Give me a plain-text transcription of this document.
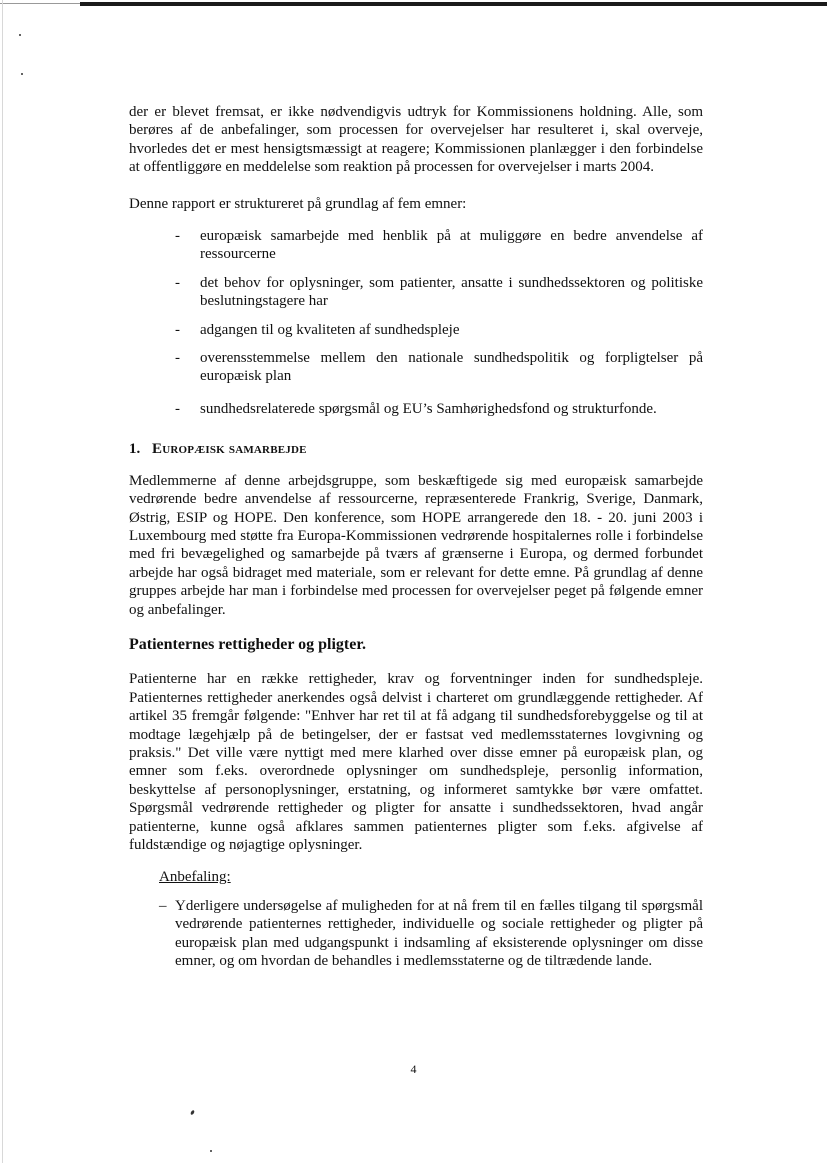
der er blevet fremsat, er ikke nødvendigvis udtryk for Kommissionens holdning. Alle, som berøres af de anbefalinger, som processen for overvejelser har resulteret i, skal overveje, hvorledes det er mest hensigtsmæssigt at reagere; Kommissionen planlægger i den forbindelse at offentliggøre en meddelelse som reaktion på processen for overvejelser i marts 2004.

Denne rapport er struktureret på grundlag af fem emner:

- europæisk samarbejde med henblik på at muliggøre en bedre anvendelse af ressourcerne
- det behov for oplysninger, som patienter, ansatte i sundhedssektoren og politiske beslutningstagere har
- adgangen til og kvaliteten af sundhedspleje
- overensstemmelse mellem den nationale sundhedspolitik og forpligtelser på europæisk plan
- sundhedsrelaterede spørgsmål og EU’s Samhørighedsfond og strukturfonde.
1. Europæisk samarbejde

Medlemmerne af denne arbejdsgruppe, som beskæftigede sig med europæisk samarbejde vedrørende bedre anvendelse af ressourcerne, repræsenterede Frankrig, Sverige, Danmark, Østrig, ESIP og HOPE. Den konference, som HOPE arrangerede den 18. - 20. juni 2003 i Luxembourg med støtte fra Europa-Kommissionen vedrørende hospitalernes rolle i forbindelse med fri bevægelighed og samarbejde på tværs af grænserne i Europa, og dermed forbundet arbejde har også bidraget med materiale, som er relevant for dette emne. På grundlag af denne gruppes arbejde har man i forbindelse med processen for overvejelser peget på følgende emner og anbefalinger.

Patienternes rettigheder og pligter.

Patienterne har en række rettigheder, krav og forventninger inden for sundhedspleje. Patienternes rettigheder anerkendes også delvist i charteret om grundlæggende rettigheder. Af artikel 35 fremgår følgende: "Enhver har ret til at få adgang til sundhedsforebyggelse og til at modtage lægehjælp på de betingelser, der er fastsat ved medlemsstaternes lovgivning og praksis." Det ville være nyttigt med mere klarhed over disse emner på europæisk plan, og emner som f.eks. overordnede oplysninger om sundhedspleje, personlig information, beskyttelse af personoplysninger, erstatning, og informeret samtykke bør være omfattet. Spørgsmål vedrørende rettigheder og pligter for ansatte i sundhedssektoren, hvad angår patienterne, kunne også afklares sammen patienternes pligter som f.eks. afgivelse af fuldstændige og nøjagtige oplysninger.

Anbefaling:

– Yderligere undersøgelse af muligheden for at nå frem til en fælles tilgang til spørgsmål vedrørende patienternes rettigheder, individuelle og sociale rettigheder og pligter på europæisk plan med udgangspunkt i indsamling af eksisterende oplysninger om disse emner, og om hvordan de behandles i medlemsstaterne og de tiltrædende lande.
4
